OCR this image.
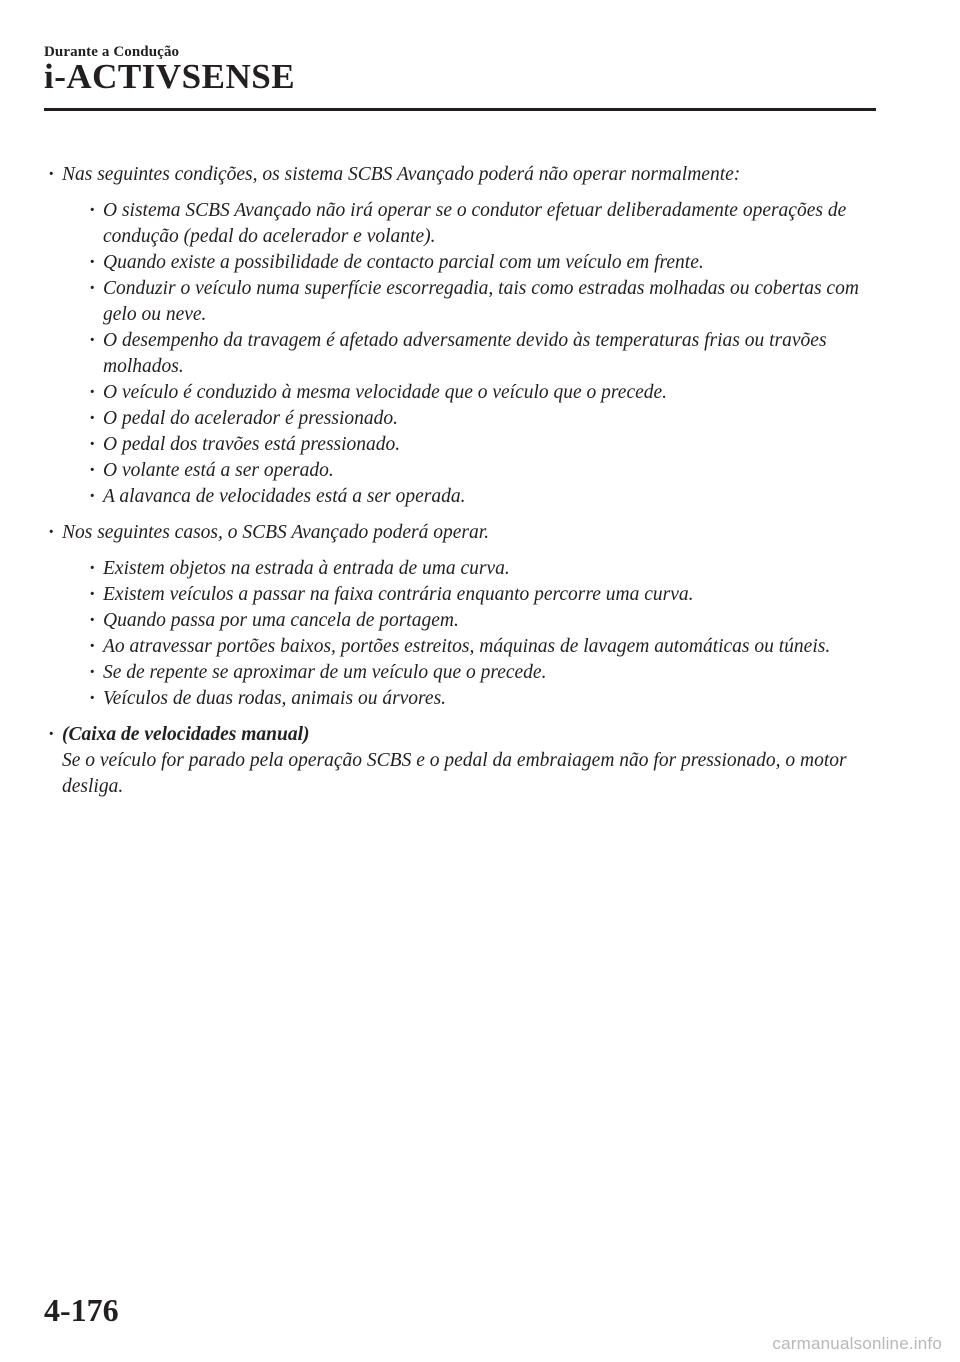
Durante a Condução
i-ACTIVSENSE
· Nas seguintes condições, os sistema SCBS Avançado poderá não operar normalmente:
· O sistema SCBS Avançado não irá operar se o condutor efetuar deliberadamente operações de condução (pedal do acelerador e volante).
· Quando existe a possibilidade de contacto parcial com um veículo em frente.
· Conduzir o veículo numa superfície escorregadia, tais como estradas molhadas ou cobertas com gelo ou neve.
· O desempenho da travagem é afetado adversamente devido às temperaturas frias ou travões molhados.
· O veículo é conduzido à mesma velocidade que o veículo que o precede.
· O pedal do acelerador é pressionado.
· O pedal dos travões está pressionado.
· O volante está a ser operado.
· A alavanca de velocidades está a ser operada.
· Nos seguintes casos, o SCBS Avançado poderá operar.
· Existem objetos na estrada à entrada de uma curva.
· Existem veículos a passar na faixa contrária enquanto percorre uma curva.
· Quando passa por uma cancela de portagem.
· Ao atravessar portões baixos, portões estreitos, máquinas de lavagem automáticas ou túneis.
· Se de repente se aproximar de um veículo que o precede.
· Veículos de duas rodas, animais ou árvores.
· (Caixa de velocidades manual)
Se o veículo for parado pela operação SCBS e o pedal da embraiagem não for pressionado, o motor desliga.
4-176
carmanualsonline.info
